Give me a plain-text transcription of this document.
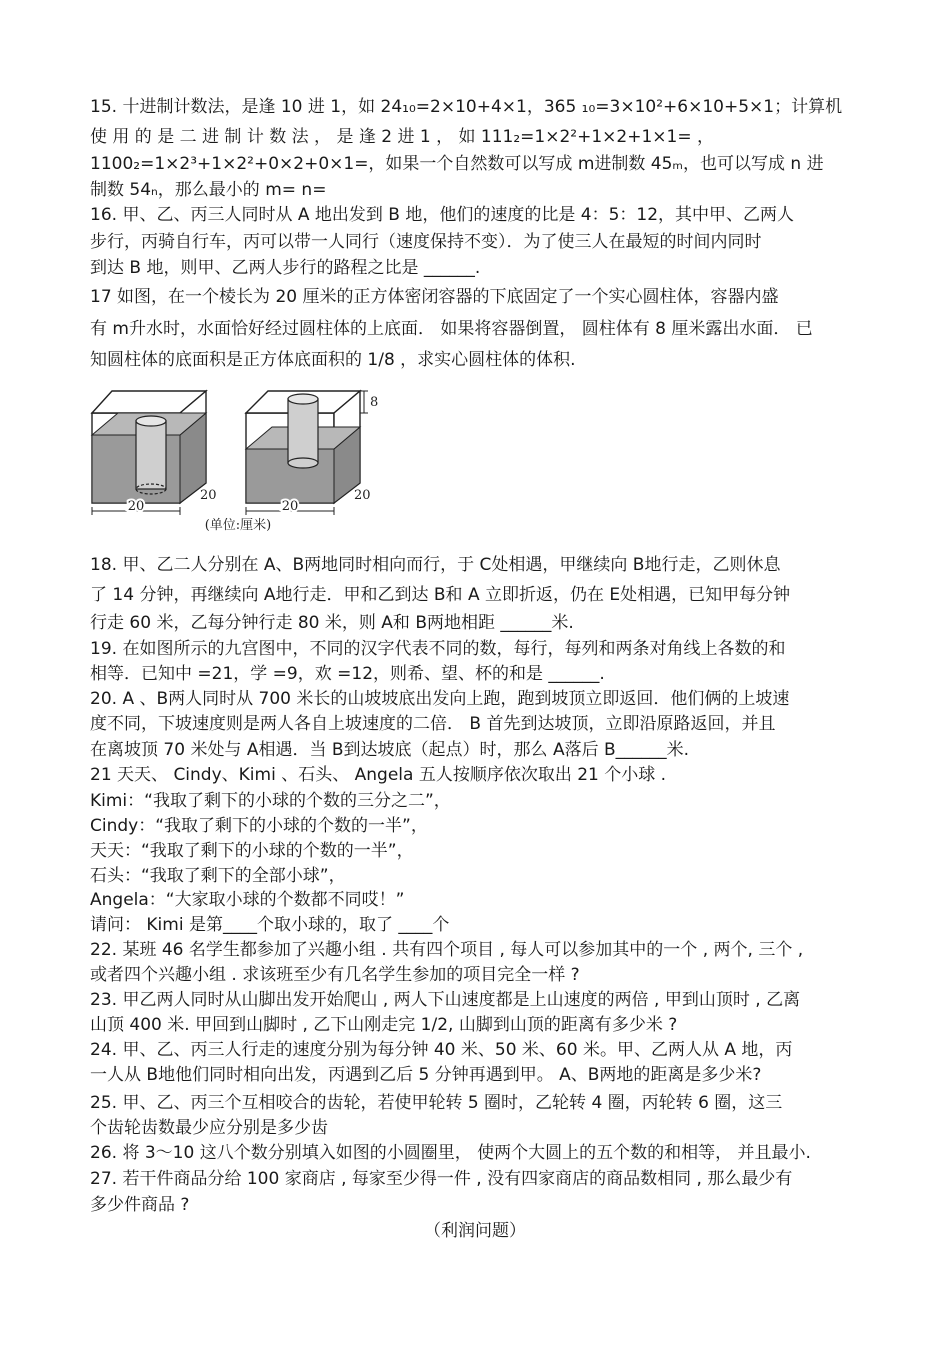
15. 十进制计数法，是逢 10 进 1，如 24₁₀=2×10+4×1，365 ₁₀=3×10²+6×10+5×1；计算机
使 用 的 是 二 进 制 计 数 法 ， 是 逢 2 进 1 ， 如 111₂=1×2²+1×2+1×1= ，
1100₂=1×2³+1×2²+0×2+0×1=，如果一个自然数可以写成 m进制数 45ₘ，也可以写成 n 进
制数 54ₙ，那么最小的 m= n=
16. 甲、乙、丙三人同时从 A 地出发到 B 地，他们的速度的比是 4：5：12，其中甲、乙两人
步行，丙骑自行车，丙可以带一人同行（速度保持不变）．为了使三人在最短的时间内同时
到达 B 地，则甲、乙两人步行的路程之比是 ______.
17 如图，在一个棱长为 20 厘米的正方体密闭容器的下底固定了一个实心圆柱体，容器内盛
有 m升水时，水面恰好经过圆柱体的上底面． 如果将容器倒置， 圆柱体有 8 厘米露出水面． 已
知圆柱体的底面积是正方体底面积的 1/8 ，求实心圆柱体的体积.
20
20
20
20
8
(单位:厘米)
18. 甲、乙二人分别在 A、B两地同时相向而行，于 C处相遇，甲继续向 B地行走，乙则休息
了 14 分钟，再继续向 A地行走．甲和乙到达 B和 A 立即折返，仍在 E处相遇，已知甲每分钟
行走 60 米，乙每分钟行走 80 米，则 A和 B两地相距 ______米.
19. 在如图所示的九宫图中，不同的汉字代表不同的数，每行，每列和两条对角线上各数的和
相等．已知中 =21，学 =9，欢 =12，则希、望、杯的和是 ______.
20. A 、B两人同时从 700 米长的山坡坡底出发向上跑，跑到坡顶立即返回．他们俩的上坡速
度不同，下坡速度则是两人各自上坡速度的二倍． B 首先到达坡顶，立即沿原路返回，并且
在离坡顶 70 米处与 A相遇．当 B到达坡底（起点）时，那么 A落后 B______米.
21 天天、 Cindy、Kimi 、石头、 Angela 五人按顺序依次取出 21 个小球 .
Kimi：“我取了剩下的小球的个数的三分之二”，
Cindy：“我取了剩下的小球的个数的一半”，
天天：“我取了剩下的小球的个数的一半”，
石头：“我取了剩下的全部小球”，
Angela：“大家取小球的个数都不同哎！”
请问： Kimi 是第____个取小球的，取了 ____个
22. 某班 46 名学生都参加了兴趣小组 . 共有四个项目 , 每人可以参加其中的一个 , 两个, 三个 ,
或者四个兴趣小组 . 求该班至少有几名学生参加的项目完全一样 ?
23. 甲乙两人同时从山脚出发开始爬山 , 两人下山速度都是上山速度的两倍 , 甲到山顶时 , 乙离
山顶 400 米. 甲回到山脚时 , 乙下山刚走完 1/2, 山脚到山顶的距离有多少米 ?
24. 甲、乙、丙三人行走的速度分别为每分钟 40 米、50 米、60 米。甲、乙两人从 A 地，丙
一人从 B地他们同时相向出发，丙遇到乙后 5 分钟再遇到甲。 A、B两地的距离是多少米?
25. 甲、乙、丙三个互相咬合的齿轮，若使甲轮转 5 圈时，乙轮转 4 圈，丙轮转 6 圈，这三
个齿轮齿数最少应分别是多少齿
26. 将 3～10 这八个数分别填入如图的小圆圈里， 使两个大圆上的五个数的和相等， 并且最小.
27. 若干件商品分给 100 家商店 , 每家至少得一件 , 没有四家商店的商品数相同 , 那么最少有
多少件商品 ?
（利润问题）
